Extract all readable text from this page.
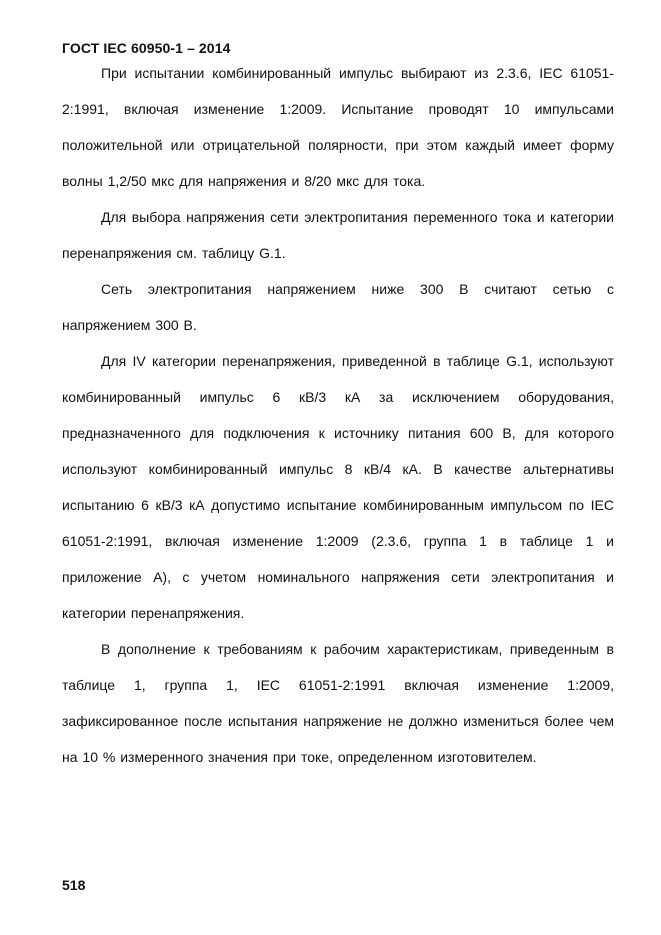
ГОСТ IEC 60950-1 – 2014

При испытании комбинированный импульс выбирают из 2.3.6, IEC 61051-2:1991, включая изменение 1:2009. Испытание проводят 10 импульсами положительной или отрицательной полярности, при этом каждый имеет форму волны 1,2/50 мкс для напряжения и 8/20 мкс для тока.

Для выбора напряжения сети электропитания переменного тока и категории перенапряжения см. таблицу G.1.

Сеть электропитания напряжением ниже 300 В считают сетью с напряжением 300 В.

Для IV категории перенапряжения, приведенной в таблице G.1, используют комбинированный импульс 6 кВ/3 кА за исключением оборудования, предназначенного для подключения к источнику питания 600 В, для которого используют комбинированный импульс 8 кВ/4 кА. В качестве альтернативы испытанию 6 кВ/3 кА допустимо испытание комбинированным импульсом по IEC 61051-2:1991, включая изменение 1:2009 (2.3.6, группа 1 в таблице 1 и приложение А), с учетом номинального напряжения сети электропитания и категории перенапряжения.

В дополнение к требованиям к рабочим характеристикам, приведенным в таблице 1, группа 1, IEC 61051-2:1991 включая изменение 1:2009, зафиксированное после испытания напряжение не должно измениться более чем на 10 % измеренного значения при токе, определенном изготовителем.

518
